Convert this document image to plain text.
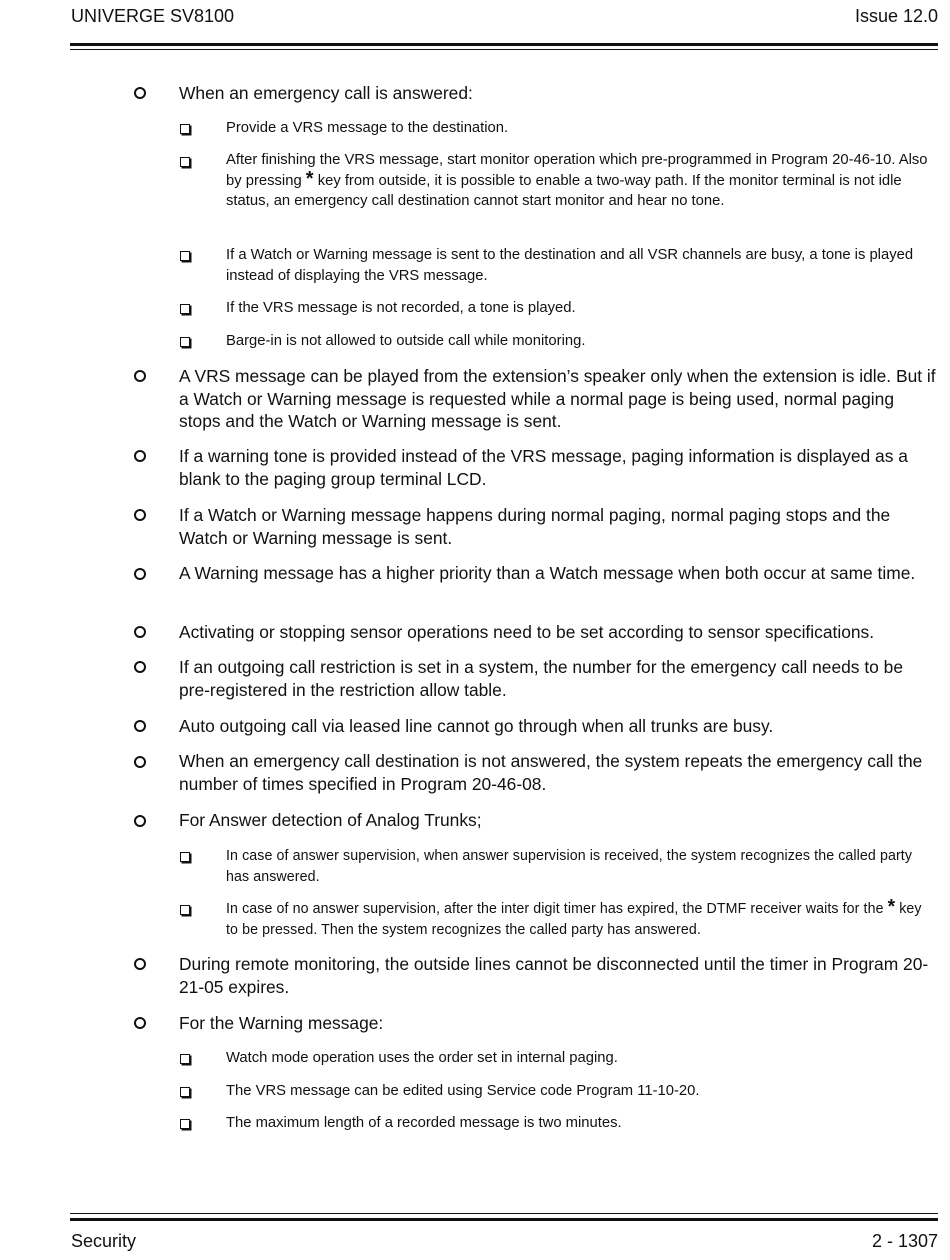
UNIVERGE SV8100	Issue 12.0
When an emergency call is answered:
Provide a VRS message to the destination.
After finishing the VRS message, start monitor operation which pre-programmed in Program 20-46-10. Also by pressing * key from outside, it is possible to enable a two-way path. If the monitor terminal is not idle status, an emergency call destination cannot start monitor and hear no tone.
If a Watch or Warning message is sent to the destination and all VSR channels are busy, a tone is played instead of displaying the VRS message.
If the VRS message is not recorded, a tone is played.
Barge-in is not allowed to outside call while monitoring.
A VRS message can be played from the extension’s speaker only when the extension is idle. But if a Watch or Warning message is requested while a normal page is being used, normal paging stops and the Watch or Warning message is sent.
If a warning tone is provided instead of the VRS message, paging information is displayed as a blank to the paging group terminal LCD.
If a Watch or Warning message happens during normal paging, normal paging stops and the Watch or Warning message is sent.
A Warning message has a higher priority than a Watch message when both occur at same time.
Activating or stopping sensor operations need to be set according to sensor specifications.
If an outgoing call restriction is set in a system, the number for the emergency call needs to be pre-registered in the restriction allow table.
Auto outgoing call via leased line cannot go through when all trunks are busy.
When an emergency call destination is not answered, the system repeats the emergency call the number of times specified in Program 20-46-08.
For Answer detection of Analog Trunks;
In case of answer supervision, when answer supervision is received, the system recognizes the called party has answered.
In case of no answer supervision, after the inter digit timer has expired, the DTMF receiver waits for the * key to be pressed. Then the system recognizes the called party has answered.
During remote monitoring, the outside lines cannot be disconnected until the timer in Program 20-21-05 expires.
For the Warning message:
Watch mode operation uses the order set in internal paging.
The VRS message can be edited using Service code Program 11-10-20.
The maximum length of a recorded message is two minutes.
Security	2 - 1307
